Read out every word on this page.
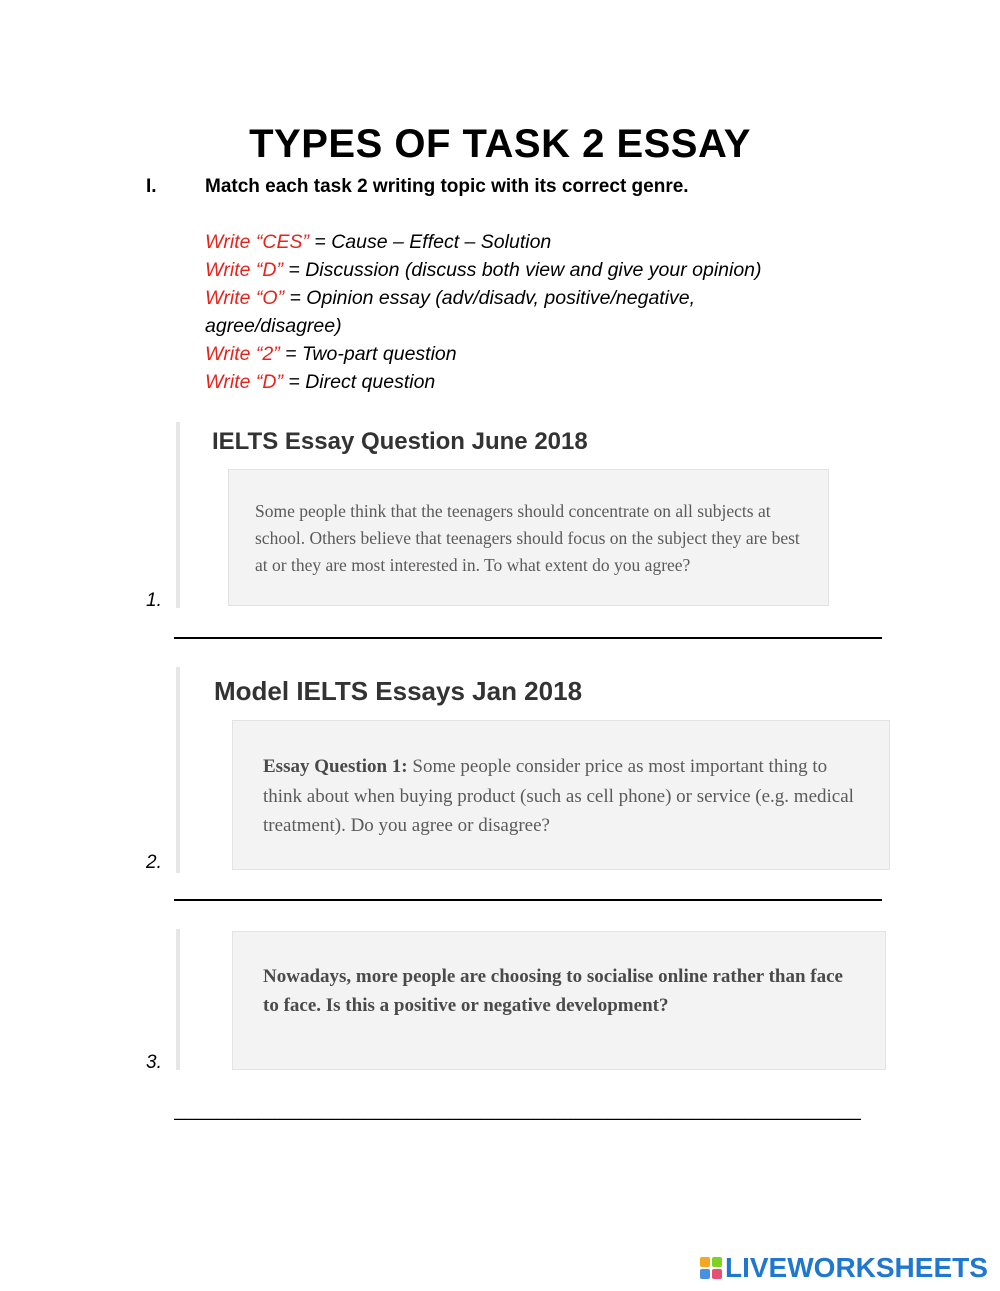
TYPES OF TASK 2 ESSAY
I.	Match each task 2 writing topic with its correct genre.
Write “CES” = Cause – Effect – Solution
Write “D” = Discussion (discuss both view and give your opinion)
Write “O” = Opinion essay (adv/disadv, positive/negative, agree/disagree)
Write “2” = Two-part question
Write “D” = Direct question
IELTS Essay Question June 2018
Some people think that the teenagers should concentrate on all subjects at school. Others believe that teenagers should focus on the subject they are best at or they are most interested in. To what extent do you agree?
1.
Model IELTS Essays Jan 2018
Essay Question 1: Some people consider price as most important thing to think about when buying product (such as cell phone) or service (e.g. medical treatment). Do you agree or disagree?
2.
Nowadays, more people are choosing to socialise online rather than face to face. Is this a positive or negative development?
3.
_________________________________________________________________
LIVEWORKSHEETS
